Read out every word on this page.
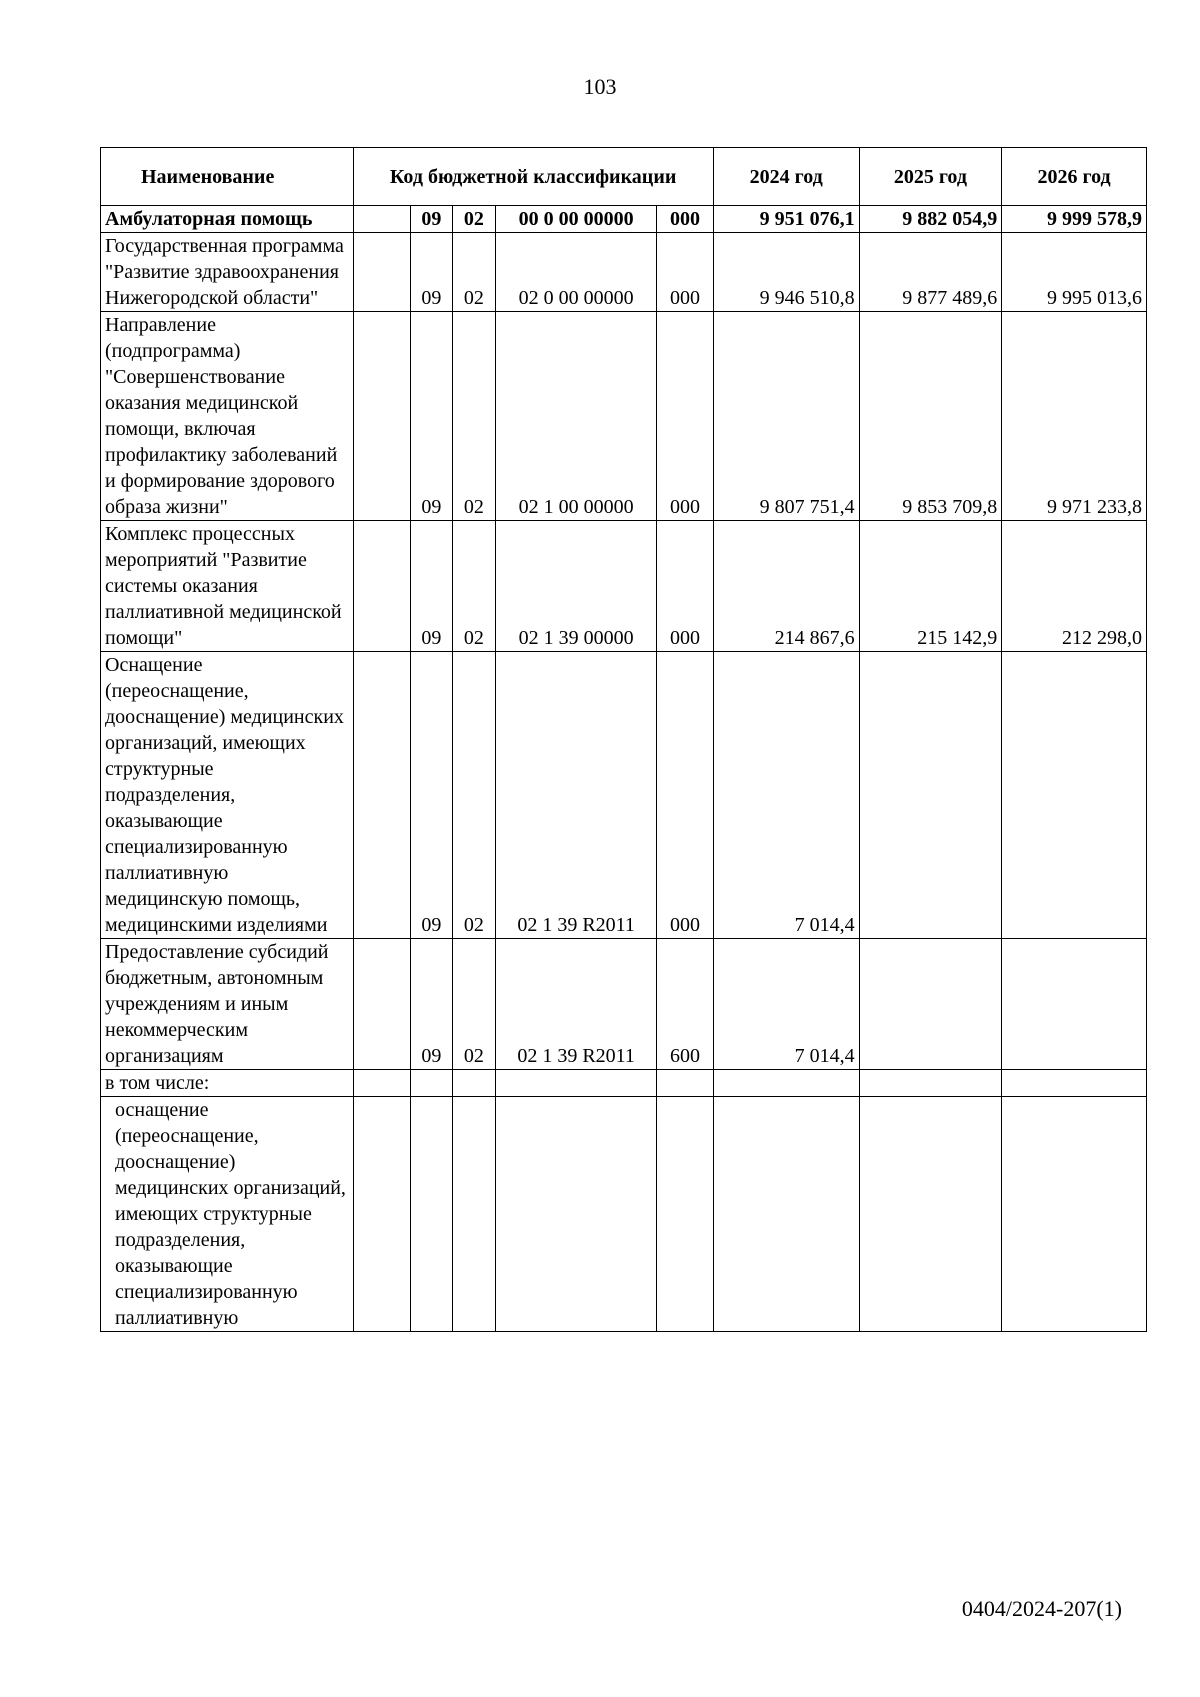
103
Наименование	Код бюджетной классификации					2024 год	2025 год	2026 год
Амбулаторная помощь		09	02	00 0 00 00000	000	9 951 076,1	9 882 054,9	9 999 578,9
Государственная программа "Развитие здравоохранения Нижегородской области"		09	02	02 0 00 00000	000	9 946 510,8	9 877 489,6	9 995 013,6
Направление (подпрограмма) "Совершенствование оказания медицинской помощи, включая профилактику заболеваний и формирование здорового образа жизни"		09	02	02 1 00 00000	000	9 807 751,4	9 853 709,8	9 971 233,8
Комплекс процессных мероприятий "Развитие системы оказания паллиативной медицинской помощи"		09	02	02 1 39 00000	000	214 867,6	215 142,9	212 298,0
Оснащение (переоснащение, дооснащение) медицинских организаций, имеющих структурные подразделения, оказывающие специализированную паллиативную медицинскую помощь, медицинскими изделиями		09	02	02 1 39 R2011	000	7 014,4		
Предоставление субсидий бюджетным, автономным учреждениям и иным некоммерческим организациям		09	02	02 1 39 R2011	600	7 014,4		
в том числе:								
оснащение (переоснащение, дооснащение) медицинских организаций, имеющих структурные подразделения, оказывающие специализированную паллиативную								
0404/2024-207(1)
